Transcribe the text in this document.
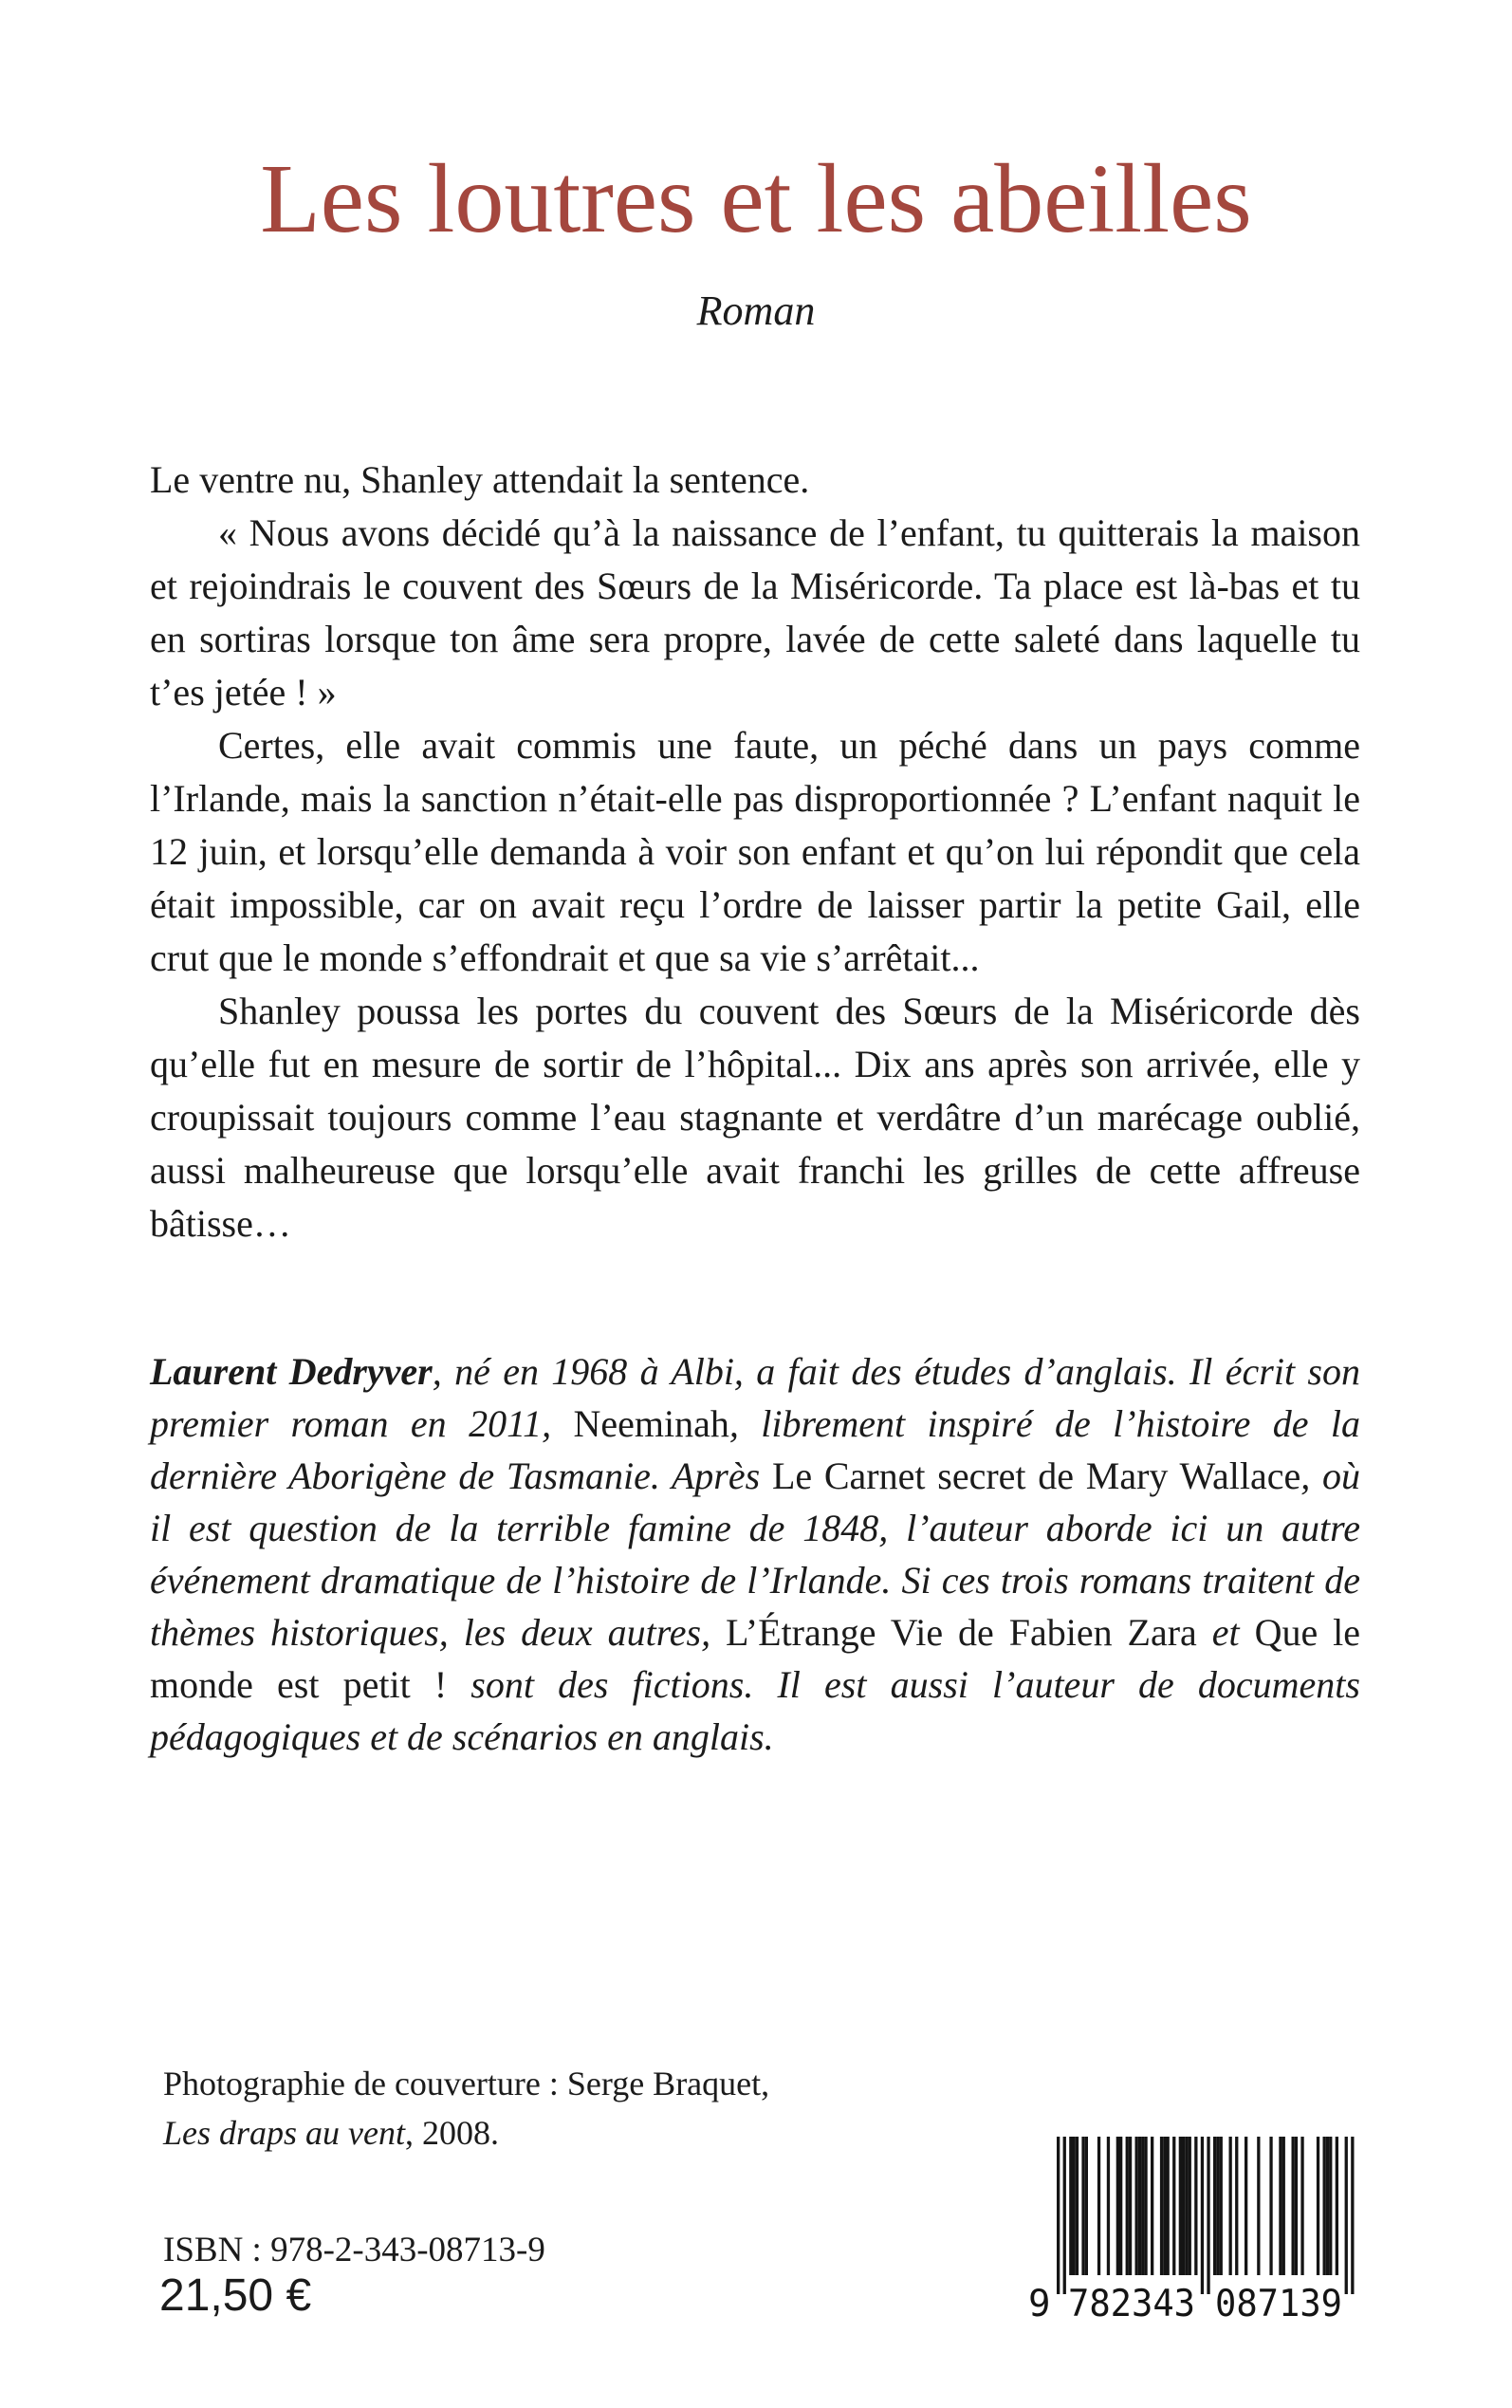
Les loutres et les abeilles
Roman

Le ventre nu, Shanley attendait la sentence.

« Nous avons décidé qu’à la naissance de l’enfant, tu quitterais la maison et rejoindrais le couvent des Sœurs de la Miséricorde. Ta place est là-bas et tu en sortiras lorsque ton âme sera propre, lavée de cette saleté dans laquelle tu t’es jetée ! »

Certes, elle avait commis une faute, un péché dans un pays comme l’Irlande, mais la sanction n’était-elle pas disproportionnée ? L’enfant naquit le 12 juin, et lorsqu’elle demanda à voir son enfant et qu’on lui répondit que cela était impossible, car on avait reçu l’ordre de laisser partir la petite Gail, elle crut que le monde s’effondrait et que sa vie s’arrêtait...

Shanley poussa les portes du couvent des Sœurs de la Miséricorde dès qu’elle fut en mesure de sortir de l’hôpital... Dix ans après son arrivée, elle y croupissait toujours comme l’eau stagnante et verdâtre d’un marécage oublié, aussi malheureuse que lorsqu’elle avait franchi les grilles de cette affreuse bâtisse…

Laurent Dedryver, né en 1968 à Albi, a fait des études d’anglais. Il écrit son premier roman en 2011, Neeminah, librement inspiré de l’histoire de la dernière Aborigène de Tasmanie. Après Le Carnet secret de Mary Wallace, où il est question de la terrible famine de 1848, l’auteur aborde ici un autre événement dramatique de l’histoire de l’Irlande. Si ces trois romans traitent de thèmes historiques, les deux autres, L’Étrange Vie de Fabien Zara et Que le monde est petit ! sont des fictions. Il est aussi l’auteur de documents pédagogiques et de scénarios en anglais.

Photographie de couverture : Serge Braquet,
Les draps au vent, 2008.
ISBN : 978-2-343-08713-9
21,50 €	9 782343 087139
